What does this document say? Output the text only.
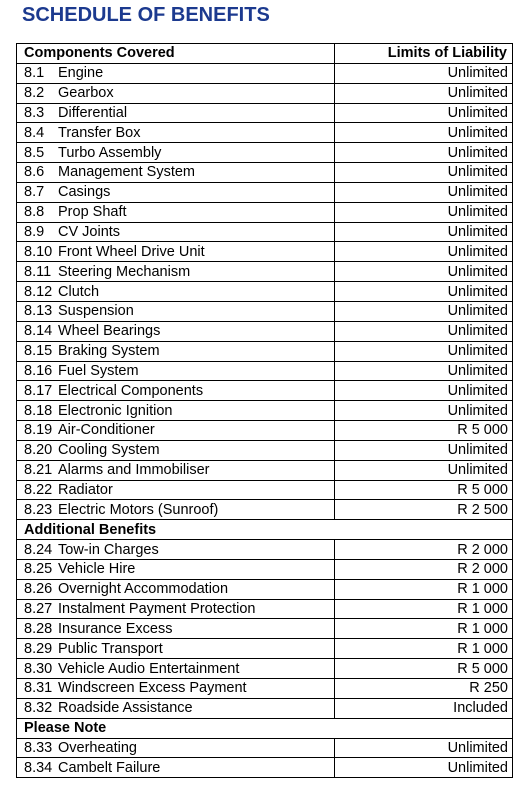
SCHEDULE OF BENEFITS
Components Covered	Limits of Liability
8.1 Engine	Unlimited
8.2 Gearbox	Unlimited
8.3 Differential	Unlimited
8.4 Transfer Box	Unlimited
8.5 Turbo Assembly	Unlimited
8.6 Management System	Unlimited
8.7 Casings	Unlimited
8.8 Prop Shaft	Unlimited
8.9 CV Joints	Unlimited
8.10 Front Wheel Drive Unit	Unlimited
8.11 Steering Mechanism	Unlimited
8.12 Clutch	Unlimited
8.13 Suspension	Unlimited
8.14 Wheel Bearings	Unlimited
8.15 Braking System	Unlimited
8.16 Fuel System	Unlimited
8.17 Electrical Components	Unlimited
8.18 Electronic Ignition	Unlimited
8.19 Air-Conditioner	R 5 000
8.20 Cooling System	Unlimited
8.21 Alarms and Immobiliser	Unlimited
8.22 Radiator	R 5 000
8.23 Electric Motors (Sunroof)	R 2 500
Additional Benefits	
8.24 Tow-in Charges	R 2 000
8.25 Vehicle Hire	R 2 000
8.26 Overnight Accommodation	R 1 000
8.27 Instalment Payment Protection	R 1 000
8.28 Insurance Excess	R 1 000
8.29 Public Transport	R 1 000
8.30 Vehicle Audio Entertainment	R 5 000
8.31 Windscreen Excess Payment	R 250
8.32 Roadside Assistance	Included
Please Note	
8.33 Overheating	Unlimited
8.34 Cambelt Failure	Unlimited
